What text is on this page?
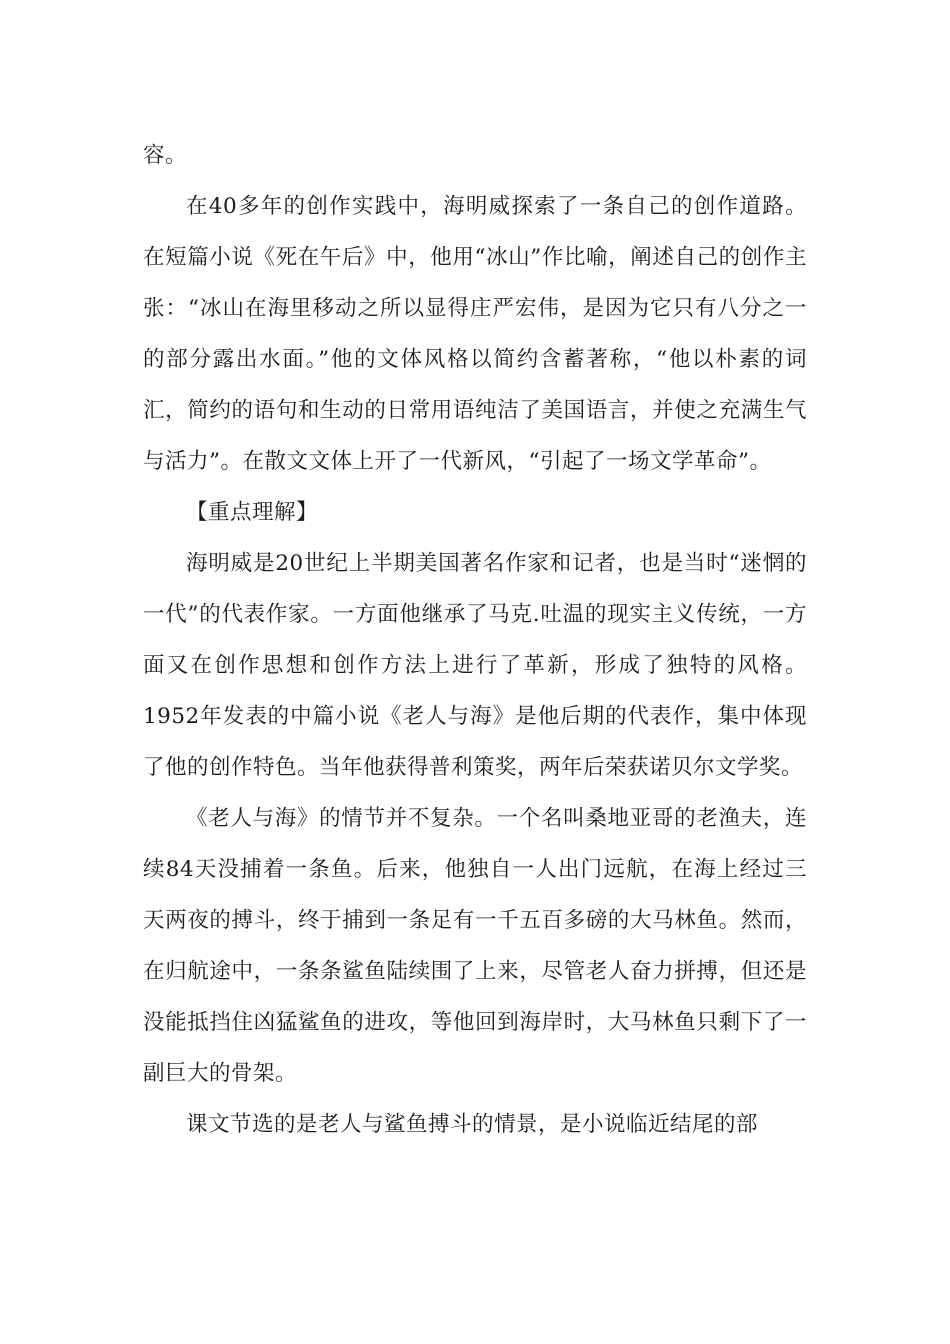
容。

在40多年的创作实践中，海明威探索了一条自己的创作道路。在短篇小说《死在午后》中，他用“冰山”作比喻，阐述自己的创作主张：“冰山在海里移动之所以显得庄严宏伟，是因为它只有八分之一的部分露出水面。”他的文体风格以简约含蓄著称，“他以朴素的词汇，简约的语句和生动的日常用语纯洁了美国语言，并使之充满生气与活力”。在散文文体上开了一代新风，“引起了一场文学革命”。

【重点理解】

海明威是20世纪上半期美国著名作家和记者，也是当时“迷惘的一代”的代表作家。一方面他继承了马克.吐温的现实主义传统，一方面又在创作思想和创作方法上进行了革新，形成了独特的风格。1952年发表的中篇小说《老人与海》是他后期的代表作，集中体现了他的创作特色。当年他获得普利策奖，两年后荣获诺贝尔文学奖。

《老人与海》的情节并不复杂。一个名叫桑地亚哥的老渔夫，连续84天没捕着一条鱼。后来，他独自一人出门远航，在海上经过三天两夜的搏斗，终于捕到一条足有一千五百多磅的大马林鱼。然而，在归航途中，一条条鲨鱼陆续围了上来，尽管老人奋力拼搏，但还是没能抵挡住凶猛鲨鱼的进攻，等他回到海岸时，大马林鱼只剩下了一副巨大的骨架。

课文节选的是老人与鲨鱼搏斗的情景，是小说临近结尾的部
